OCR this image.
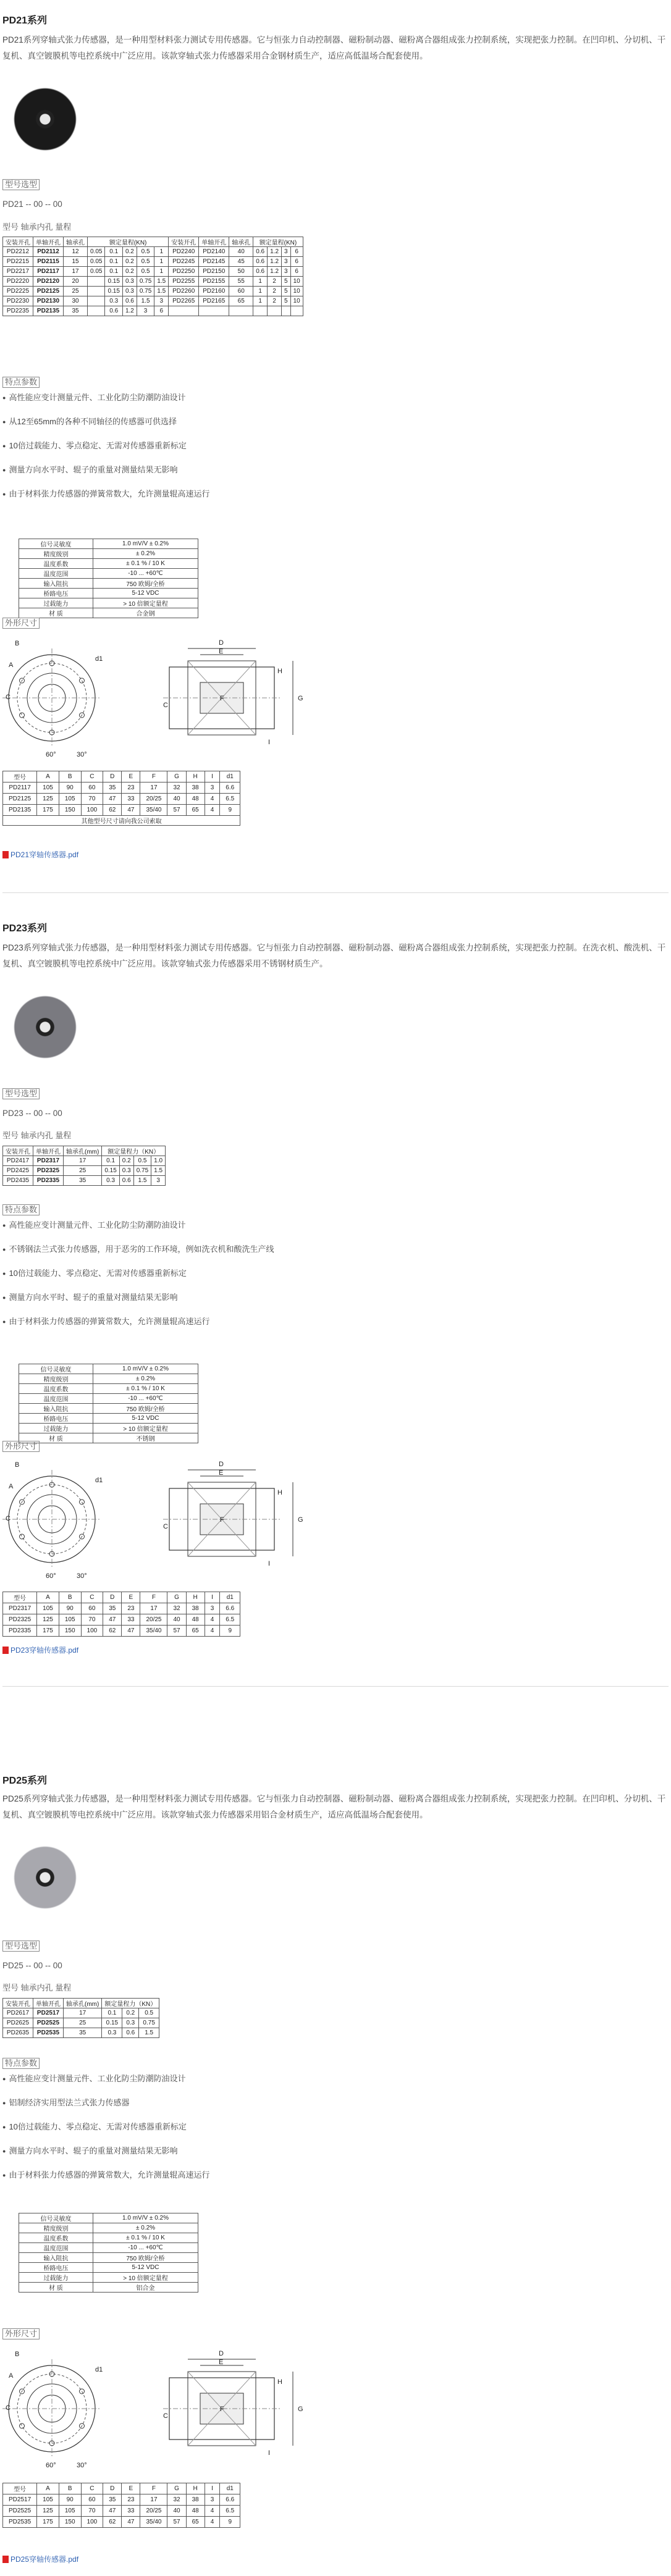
PD21系列
PD21系列穿轴式张力传感器，是一种用型材料张力测试专用传感器。它与恒张力自动控制器、磁粉制动器、磁粉离合器组成张力控制系统，实现把张力控制。在凹印机、分切机、干复机、真空镀膜机等电控系统中广泛应用。该款穿轴式张力传感器采用合金钢材质生产，适应高低温场合配套使用。
型号选型
PD21 -- 00 -- 00
型号 轴承内孔 量程
安装开孔	单轴开孔	轴承孔	额定量程(KN)					安装开孔	单轴开孔	轴承孔	额定量程(KN)			
PD2212	PD2112	12	0.05	0.1	0.2	0.5	1	PD2240	PD2140	40	0.6	1.2	3	6
PD2215	PD2115	15	0.05	0.1	0.2	0.5	1	PD2245	PD2145	45	0.6	1.2	3	6
PD2217	PD2117	17	0.05	0.1	0.2	0.5	1	PD2250	PD2150	50	0.6	1.2	3	6
PD2220	PD2120	20		0.15	0.3	0.75	1.5	PD2255	PD2155	55	1	2	5	10
PD2225	PD2125	25		0.15	0.3	0.75	1.5	PD2260	PD2160	60	1	2	5	10
PD2230	PD2130	30		0.3	0.6	1.5	3	PD2265	PD2165	65	1	2	5	10
PD2235	PD2135	35		0.6	1.2	3	6							
特点参数
● 高性能应变计测量元件、工业化防尘防潮防油设计
● 从12至65mm的各种不同轴径的传感器可供选择
● 10倍过载能力、零点稳定、无需对传感器重新标定
● 测量方向水平时、辊子的重量对测量结果无影响
● 由于材料张力传感器的弹簧常数大，允许测量辊高速运行
信号灵敏度	1.0 mV/V ± 0.2%
精度级别	± 0.2%
温度系数	± 0.1 % / 10 K
温度范围	-10 ... +60℃
输入阻抗	750 欧姆/全桥
桥路电压	5-12 VDC
过载能力	> 10 倍额定量程
材 质	合金钢
外形尺寸
B
A
C
d1
60°	30°
D
E
F	G
H
I
C
型号	A	B	C	D	E	F	G	H	I	d1
PD2117	105	90	60	35	23	17	32	38	3	6.6
PD2125	125	105	70	47	33	20/25	40	48	4	6.5
PD2135	175	150	100	62	47	35/40	57	65	4	9
其他型号尺寸请向我公司索取										
PD21穿轴传感器.pdf
PD23系列
PD23系列穿轴式张力传感器，是一种用型材料张力测试专用传感器。它与恒张力自动控制器、磁粉制动器、磁粉离合器组成张力控制系统，实现把张力控制。在洗衣机、酸洗机、干复机、真空镀膜机等电控系统中广泛应用。该款穿轴式张力传感器采用不锈钢材质生产。
型号选型
PD23 -- 00 -- 00
型号 轴承内孔 量程
安装开孔	单轴开孔	轴承孔(mm)	额定量程力（KN）			
PD2417	PD2317	17	0.1	0.2	0.5	1.0
PD2425	PD2325	25	0.15	0.3	0.75	1.5
PD2435	PD2335	35	0.3	0.6	1.5	3
特点参数
● 高性能应变计测量元件、工业化防尘防潮防油设计
● 不锈钢法兰式张力传感器，用于恶劣的工作环境，例如洗衣机和酸洗生产线
● 10倍过载能力、零点稳定、无需对传感器重新标定
● 测量方向水平时、辊子的重量对测量结果无影响
● 由于材料张力传感器的弹簧常数大，允许测量辊高速运行
信号灵敏度	1.0 mV/V ± 0.2%
精度级别	± 0.2%
温度系数	± 0.1 % / 10 K
温度范围	-10 ... +60℃
输入阻抗	750 欧姆/全桥
桥路电压	5-12 VDC
过载能力	> 10 倍额定量程
材 质	不锈钢
外形尺寸
B
A
C
d1
60°	30°
D
E
F	G
H
I
C
型号	A	B	C	D	E	F	G	H	I	d1
PD2317	105	90	60	35	23	17	32	38	3	6.6
PD2325	125	105	70	47	33	20/25	40	48	4	6.5
PD2335	175	150	100	62	47	35/40	57	65	4	9
PD23穿轴传感器.pdf
PD25系列
PD25系列穿轴式张力传感器，是一种用型材料张力测试专用传感器。它与恒张力自动控制器、磁粉制动器、磁粉离合器组成张力控制系统，实现把张力控制。在凹印机、分切机、干复机、真空镀膜机等电控系统中广泛应用。该款穿轴式张力传感器采用铝合金材质生产，适应高低温场合配套使用。
型号选型
PD25 -- 00 -- 00
型号 轴承内孔 量程
安装开孔	单轴开孔	轴承孔(mm)	额定量程力（KN）		
PD2617	PD2517	17	0.1	0.2	0.5
PD2625	PD2525	25	0.15	0.3	0.75
PD2635	PD2535	35	0.3	0.6	1.5
特点参数
● 高性能应变计测量元件、工业化防尘防潮防油设计
● 铝制经济实用型法兰式张力传感器
● 10倍过载能力、零点稳定、无需对传感器重新标定
● 测量方向水平时、辊子的重量对测量结果无影响
● 由于材料张力传感器的弹簧常数大，允许测量辊高速运行
信号灵敏度	1.0 mV/V ± 0.2%
精度级别	± 0.2%
温度系数	± 0.1 % / 10 K
温度范围	-10 ... +60℃
输入阻抗	750 欧姆/全桥
桥路电压	5-12 VDC
过载能力	> 10 倍额定量程
材 质	铝合金
外形尺寸
B
A
C
d1
60°	30°
D
E
F	G
H
I
C
型号	A	B	C	D	E	F	G	H	I	d1
PD2517	105	90	60	35	23	17	32	38	3	6.6
PD2525	125	105	70	47	33	20/25	40	48	4	6.5
PD2535	175	150	100	62	47	35/40	57	65	4	9
PD25穿轴传感器.pdf
